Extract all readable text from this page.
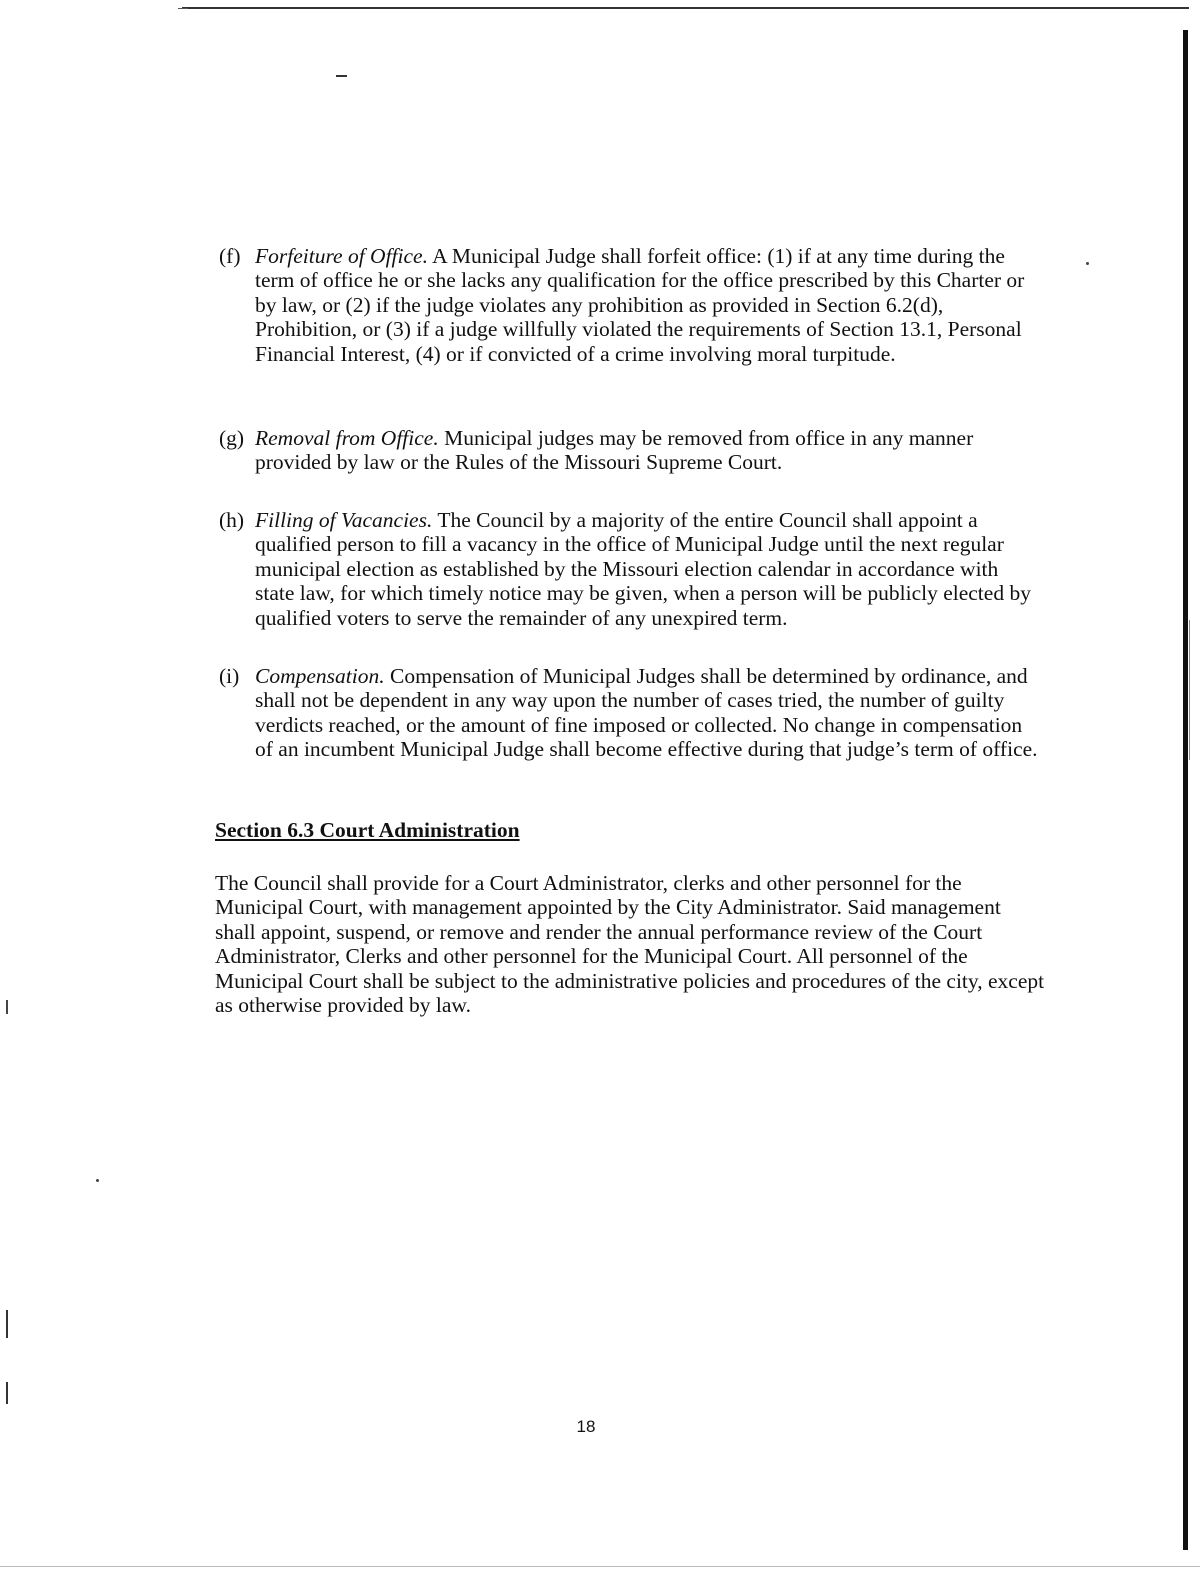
(f) Forfeiture of Office. A Municipal Judge shall forfeit office: (1) if at any time during the term of office he or she lacks any qualification for the office prescribed by this Charter or by law, or (2) if the judge violates any prohibition as provided in Section 6.2(d), Prohibition, or (3) if a judge willfully violated the requirements of Section 13.1, Personal Financial Interest, (4) or if convicted of a crime involving moral turpitude.
(g) Removal from Office. Municipal judges may be removed from office in any manner provided by law or the Rules of the Missouri Supreme Court.
(h) Filling of Vacancies. The Council by a majority of the entire Council shall appoint a qualified person to fill a vacancy in the office of Municipal Judge until the next regular municipal election as established by the Missouri election calendar in accordance with state law, for which timely notice may be given, when a person will be publicly elected by qualified voters to serve the remainder of any unexpired term.
(i) Compensation. Compensation of Municipal Judges shall be determined by ordinance, and shall not be dependent in any way upon the number of cases tried, the number of guilty verdicts reached, or the amount of fine imposed or collected. No change in compensation of an incumbent Municipal Judge shall become effective during that judge’s term of office.
Section 6.3 Court Administration
The Council shall provide for a Court Administrator, clerks and other personnel for the Municipal Court, with management appointed by the City Administrator. Said management shall appoint, suspend, or remove and render the annual performance review of the Court Administrator, Clerks and other personnel for the Municipal Court. All personnel of the Municipal Court shall be subject to the administrative policies and procedures of the city, except as otherwise provided by law.
18
